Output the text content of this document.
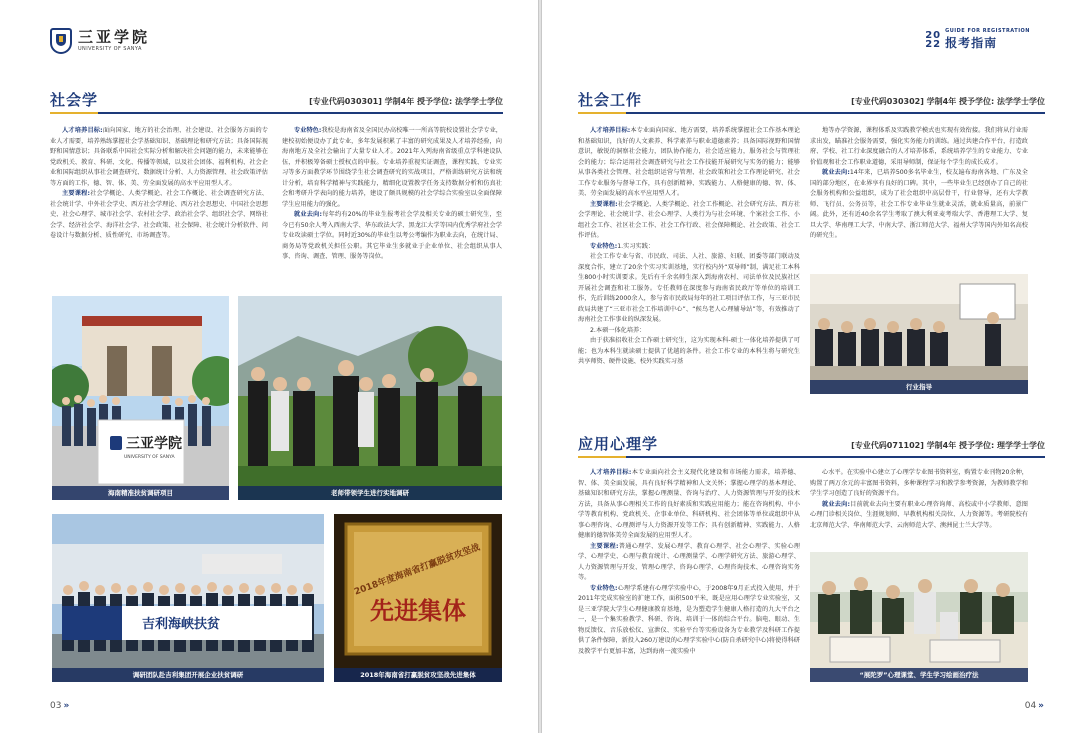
三亚学院
UNIVERSITY OF SANYA
社会学	[专业代码030301] 学制4年 授予学位: 法学学士学位

人才培养目标:面向国家、地方的社会治理、社会建设、社会服务方面的专业人才需要，培养熟练掌握社会学基础知识、基础理论和研究方法；具备国际视野和国情意识；具备联系中国社会实际分析和解决社会问题的能力，未来能够在党政机关、教育、科研、文化、传播等领域，以及社会团体、福利机构、社会企业和国际组织从事社会调查研究、数据统计分析、人力资源管理、社会政策评估等方面的工作，德、智、体、美、劳全面发展的高水平应用型人才。

主要课程:社会学概论、人类学概论、社会工作概论、社会调查研究方法、社会统计学、中外社会学史、西方社会学理论、西方社会思想史、中国社会思想史、社会心理学、城市社会学、农村社会学、政治社会学、组织社会学、网络社会学、经济社会学、海洋社会学、社会政策、社会保障、社会统计分析软件、问卷设计与数据分析、质性研究、市场调查等。

专业特色:我校是海南省及全国民办高校唯一一所高等院校设置社会学专业，建校初始便设办了此专业，多年发展积累了丰富的研究成果及人才培养经验，向海南地方及全社会输出了大量专业人才。2021年入列海南省级重点学科建设队伍，并积极筹备硕士授权点的申报。专业培养重视实证调查，课程实践、专业实习等多方面教学环节围绕学生社会调查研究的实战项目，严格训练研究方法和统计分析，培育科学精神与实践能力，精细化设置教学任务支持数据分析和仿真社会和考研升学表向的能力培养，建设了颇具规模的社会学综合实验室以全面保障学生应用能力的强化。

就业去向:每年约有20%的毕业生报考社会学及相关专业的硕士研究生，至今已有50余人考入西南大学、华东政法大学、黑龙江大学等国内优秀学府社会学专业攻读硕士学位。同时近30%的毕业生以考公考编作为职业去向，在统计局、商务局等党政机关担任公职。其它毕业生多就业于企业单位、社会组织从事人事、咨询、调查、管理、服务等岗位。

三亚学院
UNIVERSITY OF SANYA
海南精准扶贫调研项目	老师带领学生进行实地调研
吉利海峡扶贫
调研团队赴吉利集团开展企业扶贫调研
2018年度海南省打赢脱贫攻坚战
先进集体
2018年海南省打赢脱贫攻坚战先进集体
03 »
20
22
GUIDE FOR REGISTRATION
报考指南
社会工作	[专业代码030302] 学制4年 授予学位: 法学学士学位

人才培养目标:本专业面向国家、地方需要，培养系统掌握社会工作基本理论和基础知识，良好的人文素养、科学素养与职业道德素养；具备国际视野和国情意识，敏锐的洞察社会能力，团队协作能力，社会适应能力，服务社会与管理社会的能力；综合运用社会调查研究与社会工作技能开展研究与实务的能力；能够从事各类社会管理、社会组织运营与管理、社会政策和社会工作理论研究、社会工作专业服务与督导工作，具有创新精神、实践能力、人格健康的德、智、体、美、劳全面发展的高水平应用型人才。

主要课程:社会学概论、人类学概论、社会工作概论、社会研究方法、西方社会学理论、社会统计学、社会心理学、人类行为与社会环境、个案社会工作、小组社会工作、社区社会工作、社会工作行政、社会保障概论、社会政策、社会工作评估。

专业特色:1.实习实践：

社会工作专业与省、市民政、司法、人社、旅游、妇联、团委等部门联动及深度合作，建立了20余个实习实训基地，实行校内外“双导师”制，满足社工本科生800小时实训要求。先后有千余名师生深入到海南农村、司法单位及民族社区开展社会调查和社工服务。专任教师在深度参与海南省民政厅等单位的培训工作，先后训练2000余人，参与省市民政局每年的社工项目评估工作，与三亚市民政局共建了“三亚市社会工作培训中心”、“候鸟老人心理辅导站”等，有效推动了海南社会工作事业的纵深发展。

2.本硕一体化培养：

由于获准招收社会工作硕士研究生，这为实现本科-硕士一体化培养提供了可能；也为本科生就读硕士提供了优越的条件。社会工作专业的本科生将与研究生共享师资、硬件设施、校外实践实习基

地等办学资源，课程体系及实践教学模式也实现有效衔接。我们将从行业需求出发，瞄准社会服务需要，强化实务能力的训练。通过共建合作平台，打造政府、学校、社工行业深度融合的人才培养体系，系统培养学生的专业能力、专业价值观和社会工作职业道德，采用导师制，保证每个学生的成长成才。

就业去向:14年来，已培养500多名毕业生，校友遍布海南各地、广东及全国的部分地区，在业界享有良好的口碑。其中，一些毕业生已经创办了自己的社会服务机构和公益组织，成为了社会组织中高层骨干，行业督导，还有大学教师、飞行员、公务员等，社会工作专业毕业生就业灵活，就业质量高，前景广阔。此外，还有近40余名学生考取了澳大利亚麦考瑞大学、香港理工大学、复旦大学、华南理工大学、中南大学、浙江师范大学、福州大学等国内外知名高校的研究生。

行业指导
应用心理学	[专业代码071102] 学制4年 授予学位: 理学学士学位

人才培养目标:本专业面向社会主义现代化建设和市场能力需求，培养德、智、体、美全面发展，具有良好科学精神和人文关怀；掌握心理学的基本理论、基础知识和研究方法，掌握心理测量、咨询与治疗、人力资源管理与开发的技术方法，具备从事心理相关工作的良好素质和实践应用能力；能在咨询机构、中小学等教育机构、党政机关、企事业单位、科研机构、社会团体等单位或组织中从事心理咨询、心理测评与人力资源开发等工作；具有创新精神、实践能力、人格健康的德智体美劳全面发展的应用型人才。

主要课程:普通心理学、发展心理学、教育心理学、社会心理学、实验心理学、心理学史、心理与教育统计、心理测量学、心理学研究方法、旅游心理学、人力资源管理与开发、管理心理学、咨询心理学、心理咨询技术、心理咨询实务等。

专业特色:心理学系建有心理学实验中心，于2008年9月正式投入使用，并于2011年完成实验室的扩建工作，面积500平米，既是应用心理学专业实验室，又是三亚学院大学生心理健康教育基地，是为塑造学生健康人格打造的九大平台之一，是一个集实验教学、科研、咨询、培训于一体的综合平台。脑电、眼动、生物反馈仪、音乐放松仪、宣泄仪、实验平台等实验设备为专业教学及科研工作提供了条件保障，新投入260万建设的心理学实验中心(防自杀研究中心)将使得科研及教学平台更加丰富，达到海南一流实验中

心水平。在实验中心建立了心理学专业图书资料室，购置专业刊物20余种，购置了两万余元的丰富图书资料，多种课程学习和教学参考资源，为教师教学和学生学习创造了良好的资源平台。

就业去向:目前就业去向主要有职业心理咨询师、高校或中小学教师、意图心理门诊相关岗位、生涯规划师、早教机构相关岗位、人力资源等。考研院校有北京师范大学、华南师范大学、云南师范大学、澳洲昆士兰大学等。

“展陀罗”心理课堂、学生学习绘画治疗法
04 »
